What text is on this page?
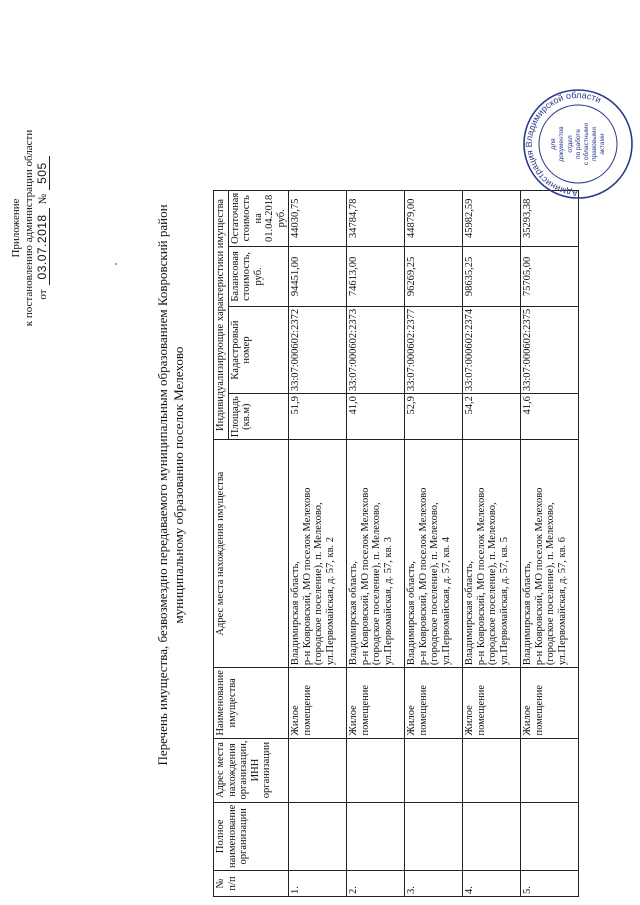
Приложение к постановлению администрации области от
03.07.2018
№
505
Перечень имущества, безвозмездно передаваемого муниципальным образованием Ковровский район муниципальному образованию поселок Мелехово
№ п/п	Полное наименование организации	Адрес места нахождения организации, ИНН организации	Наименование имущества	Адрес места нахождения имущества	Индивидуализирующие характеристики имущества			
					Площадь (кв.м)	Кадастровый номер	Балансовая стоимость, руб.	Остаточная стоимость на 01.04.2018 руб.
1.			Жилое помещение	Владимирская область, р-н Ковровский, МО поселок Мелехово (городское поселение), п. Мелехово, ул.Первомайская, д. 57, кв. 2	51,9	33:07:000602:2372	94451,00	44030,75
2.			Жилое помещение	Владимирская область, р-н Ковровский, МО поселок Мелехово (городское поселение), п. Мелехово, ул.Первомайская, д. 57, кв. 3	41,0	33:07:000602:2373	74613,00	34784,78
3.			Жилое помещение	Владимирская область, р-н Ковровский, МО поселок Мелехово (городское поселение), п. Мелехово, ул.Первомайская, д. 57, кв. 4	52,9	33:07:000602:2377	96269,25	44879,00
4.			Жилое помещение	Владимирская область, р-н Ковровский, МО поселок Мелехово (городское поселение), п. Мелехово, ул.Первомайская, д. 57, кв. 5	54,2	33:07:000602:2374	98635,25	45982,59
5.			Жилое помещение	Владимирская область, р-н Ковровский, МО поселок Мелехово (городское поселение), п. Мелехово, ул.Первомайская, д. 57, кв. 6	41,6	33:07:000602:2375	75705,00	35293,38
Администрация Владимирской области
для документов отдел по работе с областными правовыми актами
